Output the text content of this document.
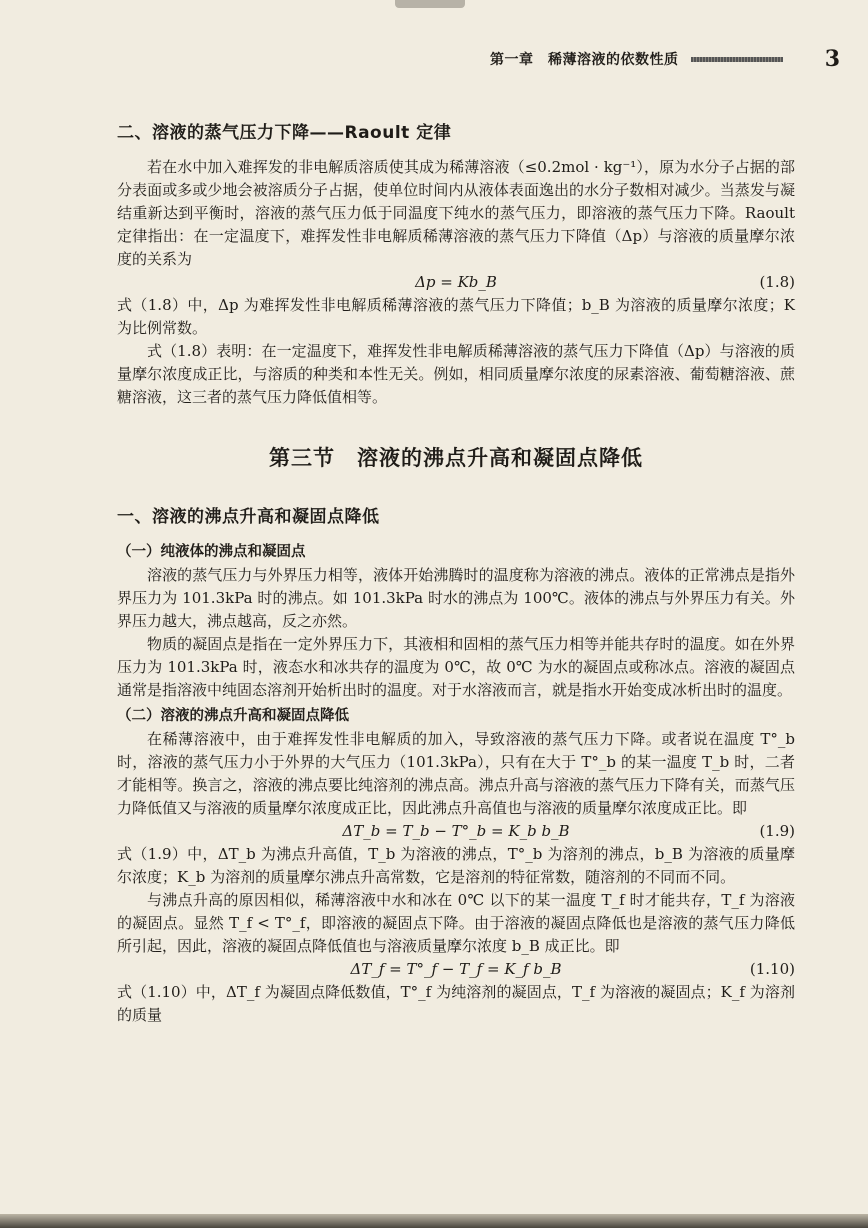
第一章　稀薄溶液的依数性质	3
二、溶液的蒸气压力下降——Raoult 定律

若在水中加入难挥发的非电解质溶质使其成为稀薄溶液（≤0.2mol · kg⁻¹），原为水分子占据的部分表面或多或少地会被溶质分子占据，使单位时间内从液体表面逸出的水分子数相对减少。当蒸发与凝结重新达到平衡时，溶液的蒸气压力低于同温度下纯水的蒸气压力，即溶液的蒸气压力下降。Raoult 定律指出：在一定温度下，难挥发性非电解质稀薄溶液的蒸气压力下降值（Δp）与溶液的质量摩尔浓度的关系为

Δp = Kb_B	(1.8)

式（1.8）中，Δp 为难挥发性非电解质稀薄溶液的蒸气压力下降值；b_B 为溶液的质量摩尔浓度；K 为比例常数。

式（1.8）表明：在一定温度下，难挥发性非电解质稀薄溶液的蒸气压力下降值（Δp）与溶液的质量摩尔浓度成正比，与溶质的种类和本性无关。例如，相同质量摩尔浓度的尿素溶液、葡萄糖溶液、蔗糖溶液，这三者的蒸气压力降低值相等。

第三节　溶液的沸点升高和凝固点降低
一、溶液的沸点升高和凝固点降低
（一）纯液体的沸点和凝固点

溶液的蒸气压力与外界压力相等，液体开始沸腾时的温度称为溶液的沸点。液体的正常沸点是指外界压力为 101.3kPa 时的沸点。如 101.3kPa 时水的沸点为 100℃。液体的沸点与外界压力有关。外界压力越大，沸点越高，反之亦然。

物质的凝固点是指在一定外界压力下，其液相和固相的蒸气压力相等并能共存时的温度。如在外界压力为 101.3kPa 时，液态水和冰共存的温度为 0℃，故 0℃ 为水的凝固点或称冰点。溶液的凝固点通常是指溶液中纯固态溶剂开始析出时的温度。对于水溶液而言，就是指水开始变成冰析出时的温度。

（二）溶液的沸点升高和凝固点降低

在稀薄溶液中，由于难挥发性非电解质的加入，导致溶液的蒸气压力下降。或者说在温度 T°_b 时，溶液的蒸气压力小于外界的大气压力（101.3kPa），只有在大于 T°_b 的某一温度 T_b 时，二者才能相等。换言之，溶液的沸点要比纯溶剂的沸点高。沸点升高与溶液的蒸气压力下降有关，而蒸气压力降低值又与溶液的质量摩尔浓度成正比，因此沸点升高值也与溶液的质量摩尔浓度成正比。即

ΔT_b = T_b − T°_b = K_b b_B	(1.9)

式（1.9）中，ΔT_b 为沸点升高值，T_b 为溶液的沸点，T°_b 为溶剂的沸点，b_B 为溶液的质量摩尔浓度；K_b 为溶剂的质量摩尔沸点升高常数，它是溶剂的特征常数，随溶剂的不同而不同。

与沸点升高的原因相似，稀薄溶液中水和冰在 0℃ 以下的某一温度 T_f 时才能共存，T_f 为溶液的凝固点。显然 T_f < T°_f，即溶液的凝固点下降。由于溶液的凝固点降低也是溶液的蒸气压力降低所引起，因此，溶液的凝固点降低值也与溶液质量摩尔浓度 b_B 成正比。即

ΔT_f = T°_f − T_f = K_f b_B	(1.10)

式（1.10）中，ΔT_f 为凝固点降低数值，T°_f 为纯溶剂的凝固点，T_f 为溶液的凝固点；K_f 为溶剂的质量
